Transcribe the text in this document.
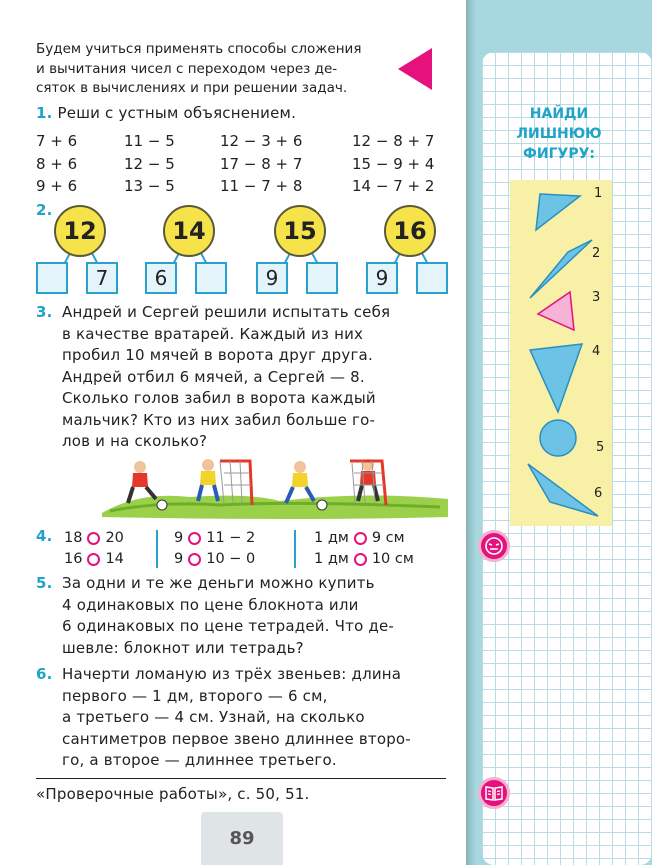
Будем учиться применять способы сложения
и вычитания чисел с переходом через де-
сяток в вычислениях и при решении задач.
1. Реши с устным объяснением.
7 + 6
8 + 6
9 + 6
11 − 5
12 − 5
13 − 5
12 − 3 + 6
17 − 8 + 7
11 − 7 + 8
12 − 8 + 7
15 − 9 + 4
14 − 7 + 2
2.
12
7
14
6
15
9
16
9
3. Андрей и Сергей решили испытать себя
в качестве вратарей. Каждый из них
пробил 10 мячей в ворота друг друга.
Андрей отбил 6 мячей, а Сергей — 8.
Сколько голов забил в ворота каждый
мальчик? Кто из них забил больше го-
лов и на сколько?
4. 18 20
16 14
9 11 − 2
9 10 − 0
1 дм 9 см
1 дм 10 см
5. За одни и те же деньги можно купить
4 одинаковых по цене блокнота или
6 одинаковых по цене тетрадей. Что де-
шевле: блокнот или тетрадь?
6. Начерти ломаную из трёх звеньев: длина
первого — 1 дм, второго — 6 см,
а третьего — 4 см. Узнай, на сколько
сантиметров первое звено длиннее второ-
го, а второе — длиннее третьего.
«Проверочные работы», с. 50, 51.
89
НАЙДИ
ЛИШНЮЮ
ФИГУРУ:
1
2
3
4
5
6
